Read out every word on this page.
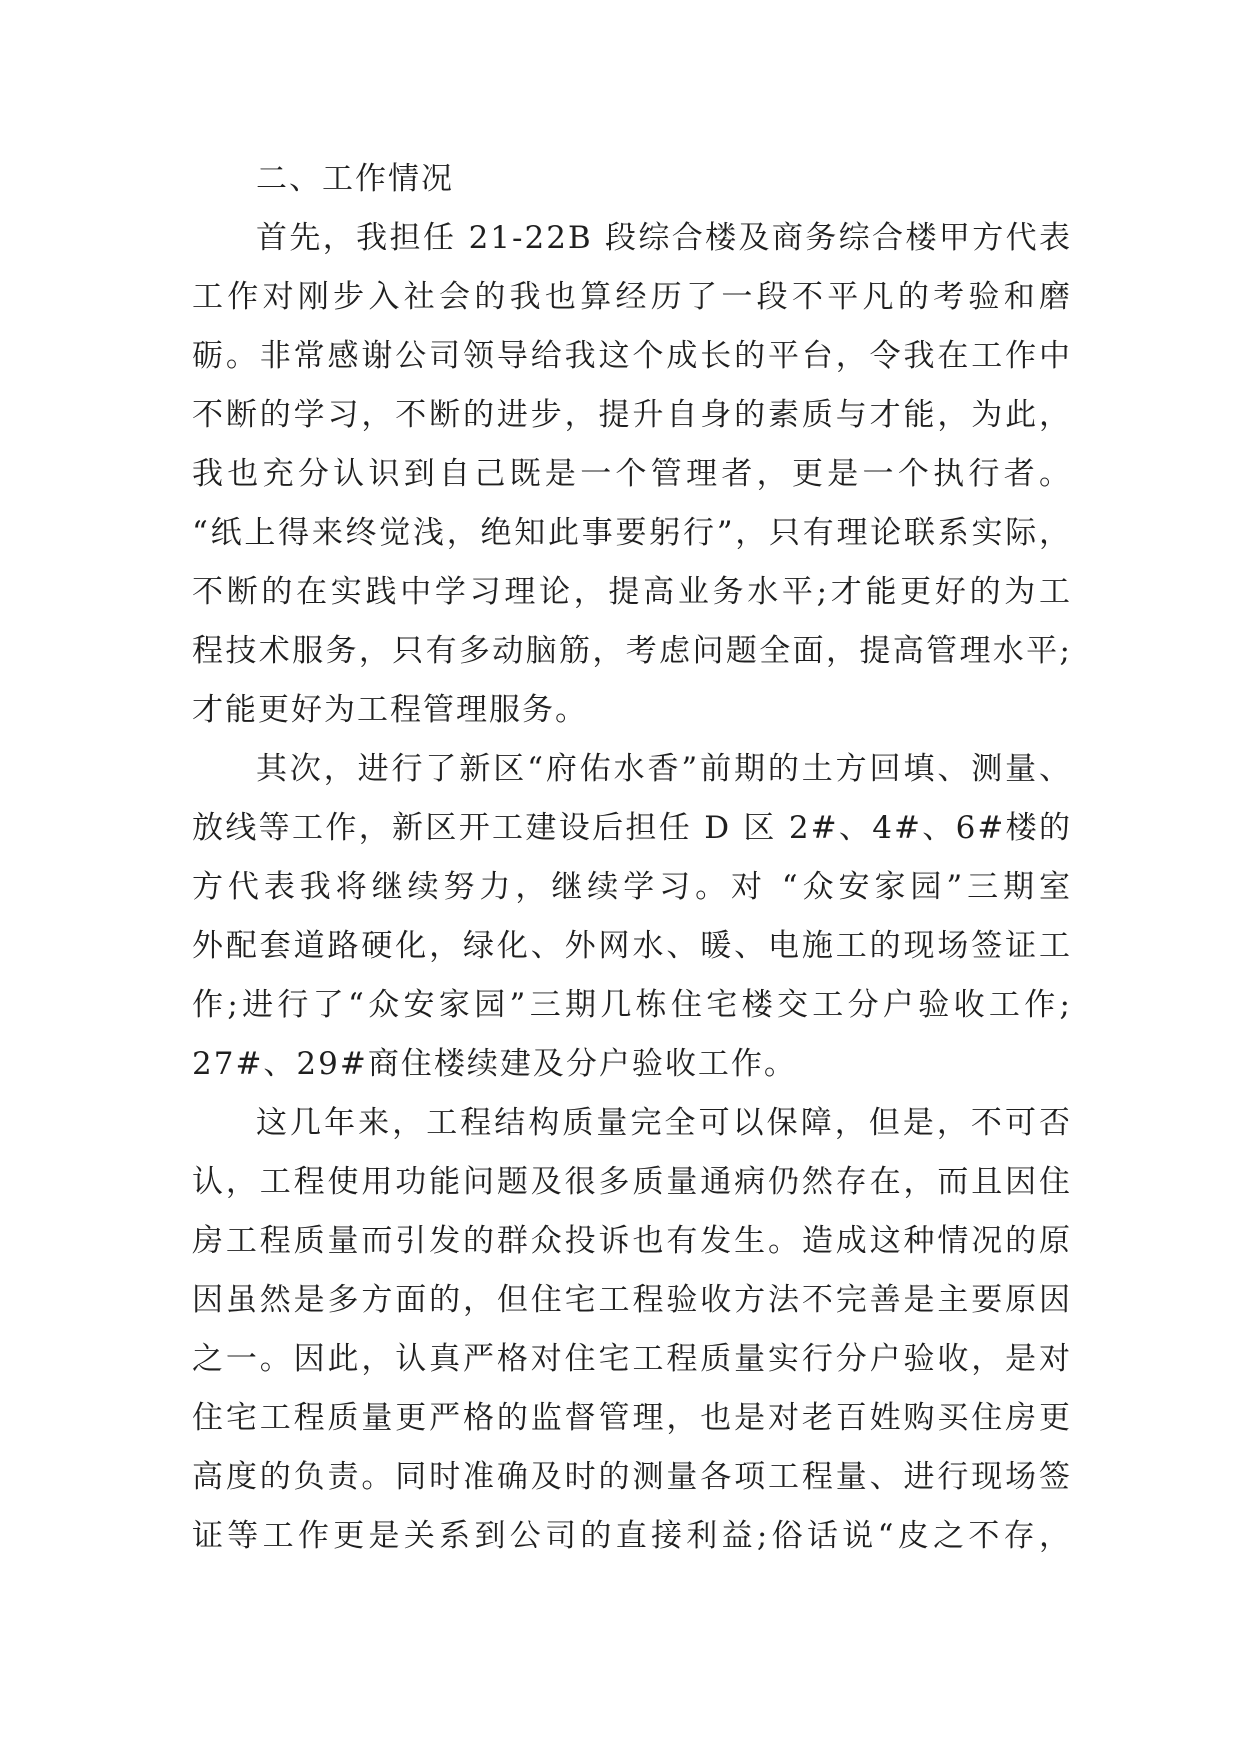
二、工作情况
首先，我担任 21-22B 段综合楼及商务综合楼甲方代表
工作对刚步入社会的我也算经历了一段不平凡的考验和磨
砺。非常感谢公司领导给我这个成长的平台，令我在工作中
不断的学习，不断的进步，提升自身的素质与才能，为此，
我也充分认识到自己既是一个管理者，更是一个执行者。
“纸上得来终觉浅，绝知此事要躬行”，只有理论联系实际，
不断的在实践中学习理论，提高业务水平;才能更好的为工
程技术服务，只有多动脑筋，考虑问题全面，提高管理水平;
才能更好为工程管理服务。
其次，进行了新区“府佑水香”前期的土方回填、测量、
放线等工作，新区开工建设后担任 D 区 2#、4#、6#楼的
方代表我将继续努力，继续学习。对 “众安家园”三期室
外配套道路硬化，绿化、外网水、暖、电施工的现场签证工
作;进行了“众安家园”三期几栋住宅楼交工分户验收工作;
27#、29#商住楼续建及分户验收工作。
这几年来，工程结构质量完全可以保障，但是，不可否
认，工程使用功能问题及很多质量通病仍然存在，而且因住
房工程质量而引发的群众投诉也有发生。造成这种情况的原
因虽然是多方面的，但住宅工程验收方法不完善是主要原因
之一。因此，认真严格对住宅工程质量实行分户验收，是对
住宅工程质量更严格的监督管理，也是对老百姓购买住房更
高度的负责。同时准确及时的测量各项工程量、进行现场签
证等工作更是关系到公司的直接利益;俗话说“皮之不存，
